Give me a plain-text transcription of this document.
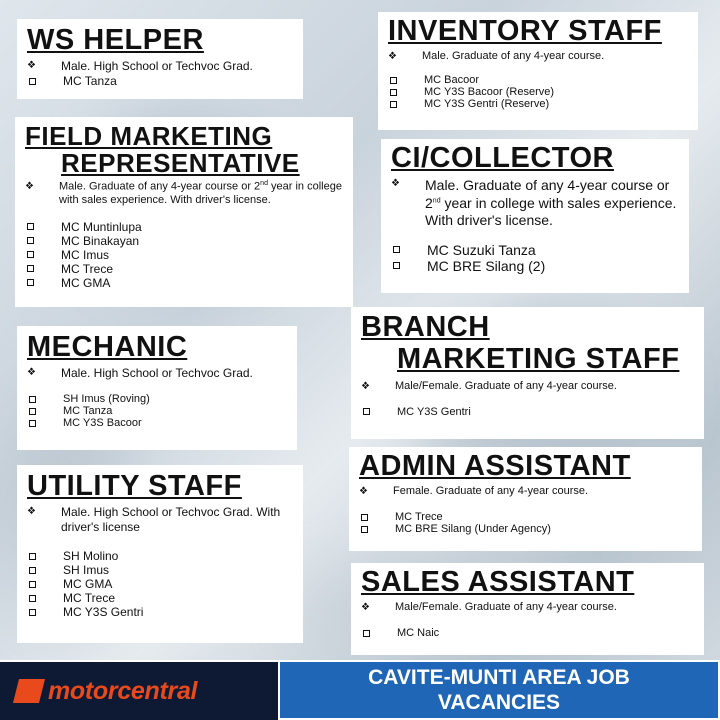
WS HELPER
❖	Male. High School or Techvoc Grad.
MC Tanza
INVENTORY STAFF
❖	Male. Graduate of any 4-year course.
MC Bacoor
MC Y3S Bacoor (Reserve)
MC Y3S Gentri (Reserve)
FIELD MARKETING
REPRESENTATIVE
❖	Male. Graduate of any 4-year course or 2nd year in college with sales experience. With driver's license.
MC Muntinlupa
MC Binakayan
MC Imus
MC Trece
MC GMA
CI/COLLECTOR
❖	Male. Graduate of any 4-year course or 2nd year in college with sales experience. With driver's license.
MC Suzuki Tanza
MC BRE Silang (2)
MECHANIC
❖	Male. High School or Techvoc Grad.
SH Imus (Roving)
MC Tanza
MC Y3S Bacoor
BRANCH
MARKETING STAFF
❖	Male/Female. Graduate of any 4-year course.
MC Y3S Gentri
ADMIN ASSISTANT
❖	Female. Graduate of any 4-year course.
MC Trece
MC BRE Silang (Under Agency)
UTILITY STAFF
❖	Male. High School or Techvoc Grad. With driver's license
SH Molino
SH Imus
MC GMA
MC Trece
MC Y3S Gentri
SALES ASSISTANT
❖	Male/Female. Graduate of any 4-year course.
MC Naic
motorcentral	CAVITE-MUNTI AREA JOB
VACANCIES
